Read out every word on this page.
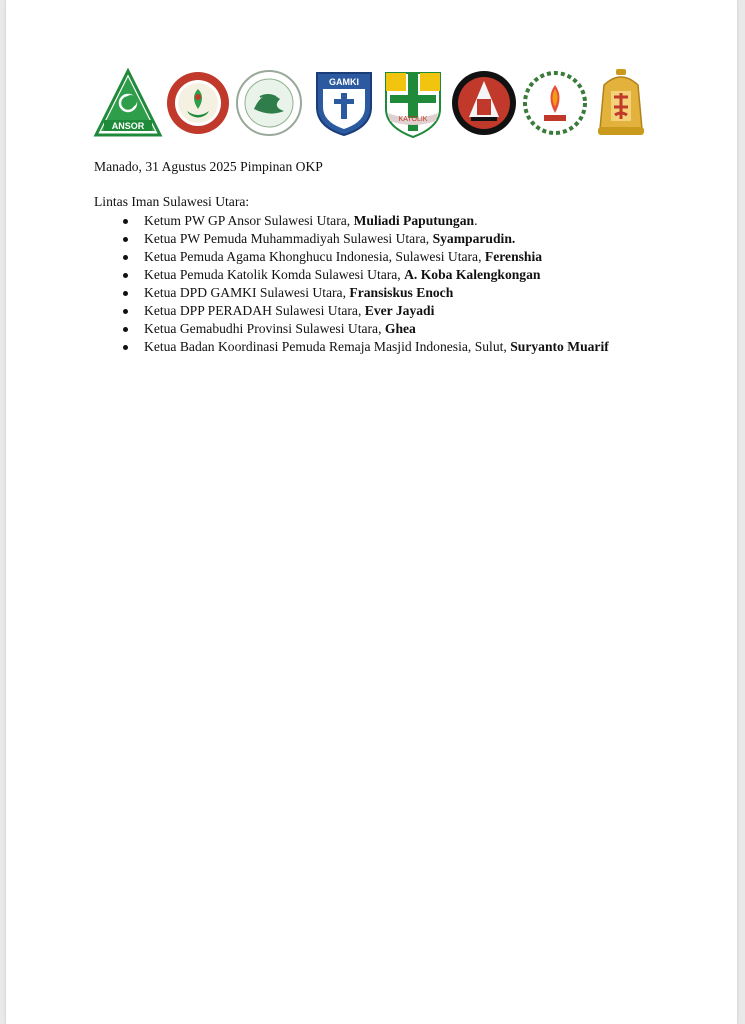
ANSOR
GAMKI
KATOLIK
Manado, 31 Agustus 2025 Pimpinan OKP
Lintas Iman Sulawesi Utara:
Ketum PW GP Ansor Sulawesi Utara, Muliadi Paputungan.
Ketua PW Pemuda Muhammadiyah Sulawesi Utara, Syamparudin.
Ketua Pemuda Agama Khonghucu Indonesia, Sulawesi Utara, Ferenshia
Ketua Pemuda Katolik Komda Sulawesi Utara, A. Koba Kalengkongan
Ketua DPD GAMKI Sulawesi Utara, Fransiskus Enoch
Ketua DPP PERADAH Sulawesi Utara, Ever Jayadi
Ketua Gemabudhi Provinsi Sulawesi Utara, Ghea
Ketua Badan Koordinasi Pemuda Remaja Masjid Indonesia, Sulut, Suryanto Muarif
